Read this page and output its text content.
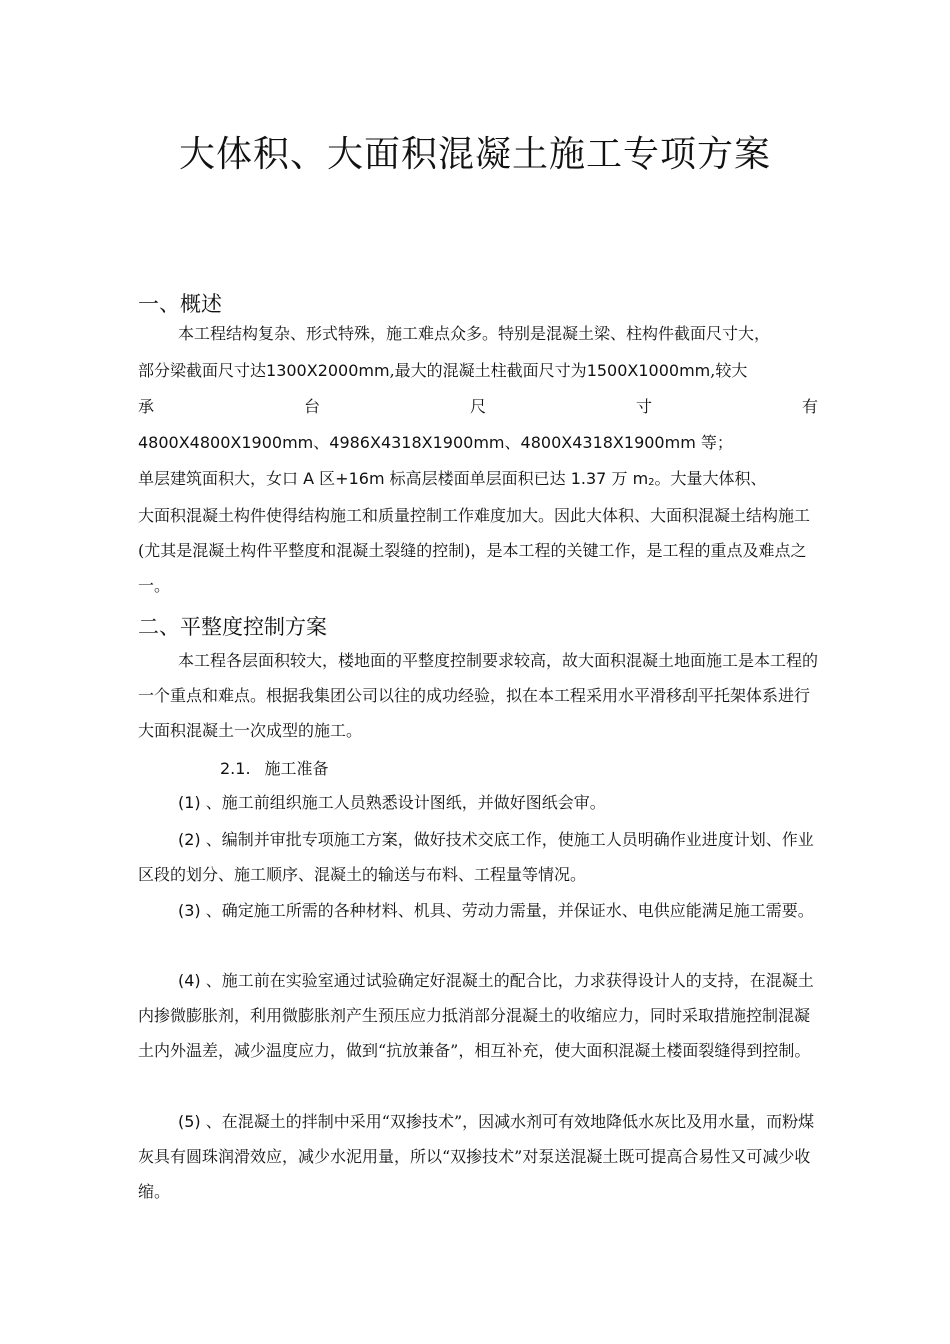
大体积、大面积混凝土施工专项方案
一、概述

本工程结构复杂、形式特殊，施工难点众多。特别是混凝土梁、柱构件截面尺寸大，

部分梁截面尺寸达1300X2000mm,最大的混凝土柱截面尺寸为1500X1000mm,较大

承	台	尺	寸	有

4800X4800X1900mm、4986X4318X1900mm、4800X4318X1900mm 等；

单层建筑面积大，女口 A 区+16m 标高层楼面单层面积已达 1.37 万 $m_2$。大量大体积、

大面积混凝土构件使得结构施工和质量控制工作难度加大。因此大体积、大面积混凝土结构施工(尤其是混凝土构件平整度和混凝土裂缝的控制)，是本工程的关键工作，是工程的重点及难点之一。

二、平整度控制方案

本工程各层面积较大，楼地面的平整度控制要求较高，故大面积混凝土地面施工是本工程的一个重点和难点。根据我集团公司以往的成功经验，拟在本工程采用水平滑移刮平托架体系进行大面积混凝土一次成型的施工。

2.1. 施工准备

(1) 、施工前组织施工人员熟悉设计图纸，并做好图纸会审。

(2) 、编制并审批专项施工方案，做好技术交底工作，使施工人员明确作业进度计划、作业区段的划分、施工顺序、混凝土的输送与布料、工程量等情况。

(3) 、确定施工所需的各种材料、机具、劳动力需量，并保证水、电供应能满足施工需要。

(4) 、施工前在实验室通过试验确定好混凝土的配合比，力求获得设计人的支持，在混凝土内掺微膨胀剂，利用微膨胀剂产生预压应力抵消部分混凝土的收缩应力，同时采取措施控制混凝土内外温差，减少温度应力，做到“抗放兼备”，相互补充，使大面积混凝土楼面裂缝得到控制。

(5) 、在混凝土的拌制中采用“双掺技术”，因减水剂可有效地降低水灰比及用水量，而粉煤灰具有圆珠润滑效应，减少水泥用量，所以“双掺技术”对泵送混凝土既可提高合易性又可减少收缩。
